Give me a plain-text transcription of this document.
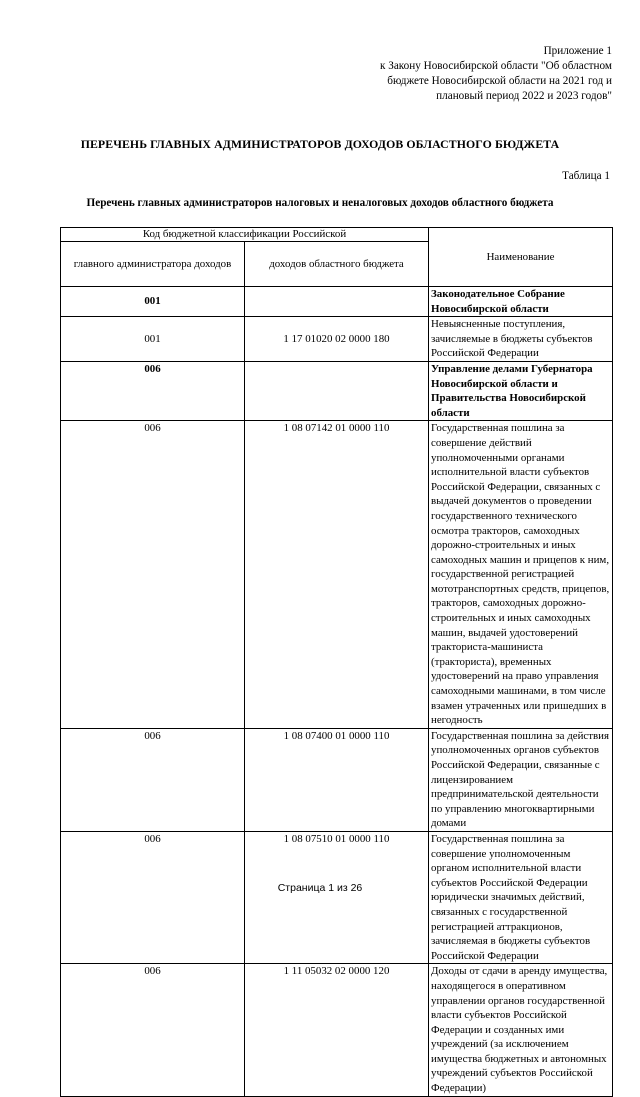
Приложение 1
к Закону Новосибирской области "Об областном
бюджете Новосибирской области на 2021 год и
плановый период 2022 и 2023 годов"
ПЕРЕЧЕНЬ ГЛАВНЫХ АДМИНИСТРАТОРОВ ДОХОДОВ ОБЛАСТНОГО БЮДЖЕТА
Таблица 1
Перечень главных администраторов налоговых и неналоговых доходов областного бюджета
Код бюджетной классификации Российской		Наименование
главного администратора доходов	доходов областного бюджета	
001		Законодательное Собрание Новосибирской области
001	1 17 01020 02 0000 180	Невыясненные поступления, зачисляемые в бюджеты субъектов Российской Федерации
006		Управление делами Губернатора Новосибирской области и Правительства Новосибирской области
006	1 08 07142 01 0000 110	Государственная пошлина за совершение действий уполномоченными органами исполнительной власти субъектов Российской Федерации, связанных с выдачей документов о проведении государственного технического осмотра тракторов, самоходных дорожно-строительных и иных самоходных машин и прицепов к ним, государственной регистрацией мототранспортных средств, прицепов, тракторов, самоходных дорожно-строительных и иных самоходных машин, выдачей удостоверений тракториста-машиниста (тракториста), временных удостоверений на право управления самоходными машинами, в том числе взамен утраченных или пришедших в негодность
006	1 08 07400 01 0000 110	Государственная пошлина за действия уполномоченных органов субъектов Российской Федерации, связанные с лицензированием предпринимательской деятельности по управлению многоквартирными домами
006	1 08 07510 01 0000 110	Государственная пошлина за совершение уполномоченным органом исполнительной власти субъектов Российской Федерации юридически значимых действий, связанных с государственной регистрацией аттракционов, зачисляемая в бюджеты субъектов Российской Федерации
006	1 11 05032 02 0000 120	Доходы от сдачи в аренду имущества, находящегося в оперативном управлении органов государственной власти субъектов Российской Федерации и созданных ими учреждений (за исключением имущества бюджетных и автономных учреждений субъектов Российской Федерации)
Страница 1 из 26
